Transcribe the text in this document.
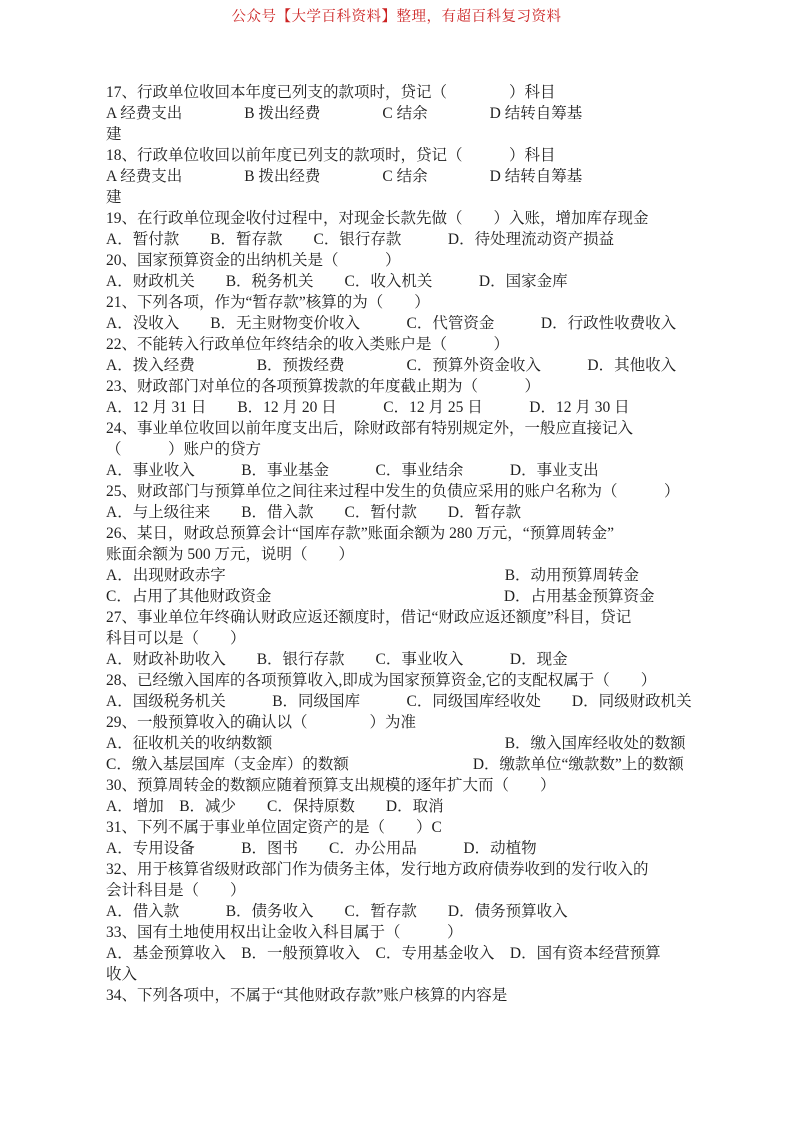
公众号【大学百科资料】整理，有超百科复习资料
17、行政单位收回本年度已列支的款项时，贷记（　　　　）科目
A 经费支出　　　　B 拨出经费　　　　C 结余　　　　D 结转自筹基
建
18、行政单位收回以前年度已列支的款项时，贷记（　　　）科目
A 经费支出　　　　B 拨出经费　　　　C 结余　　　　D 结转自筹基
建
19、在行政单位现金收付过程中，对现金长款先做（　　）入账，增加库存现金
A．暂付款　　B．暂存款　　C．银行存款　　　D．待处理流动资产损益
20、国家预算资金的出纳机关是（　　　）
A．财政机关　　B．税务机关　　C．收入机关　　　D．国家金库
21、下列各项，作为“暂存款”核算的为（　　）
A．没收入　　B．无主财物变价收入　　　C．代管资金　　　D．行政性收费收入
22、不能转入行政单位年终结余的收入类账户是（　　　）
A．拨入经费　　　　B．预拨经费　　　　C．预算外资金收入　　　D．其他收入
23、财政部门对单位的各项预算拨款的年度截止期为（　　　）
A．12 月 31 日　　B．12 月 20 日　　　C．12 月 25 日　　　D．12 月 30 日
24、事业单位收回以前年度支出后，除财政部有特别规定外，一般应直接记入
（　　　）账户的贷方
A．事业收入　　　B．事业基金　　　C．事业结余　　　D．事业支出
25、财政部门与预算单位之间往来过程中发生的负债应采用的账户名称为（　　　）
A．与上级往来　　B．借入款　　C．暂付款　　D．暂存款
26、某日，财政总预算会计“国库存款”账面余额为 280 万元，“预算周转金”
账面余额为 500 万元，说明（　　）
A．出现财政赤字　　　　　　　　　　　　　　　　　　B．动用预算周转金
C．占用了其他财政资金　　　　　　　　　　　　　　　D．占用基金预算资金
27、事业单位年终确认财政应返还额度时，借记“财政应返还额度”科目，贷记
科目可以是（　　）
A．财政补助收入　　B．银行存款　　C．事业收入　　　D．现金
28、已经缴入国库的各项预算收入,即成为国家预算资金,它的支配权属于（　　）
A．国级税务机关　　　B．同级国库　　　C．同级国库经收处　　D．同级财政机关
29、一般预算收入的确认以（　　　　）为准
A．征收机关的收纳数额　　　　　　　　　　　　　　　B．缴入国库经收处的数额
C．缴入基层国库（支金库）的数额　　　　　　　　D．缴款单位“缴款数”上的数额
30、预算周转金的数额应随着预算支出规模的逐年扩大而（　　）
A．增加　B．减少　　C．保持原数　　D．取消
31、下列不属于事业单位固定资产的是（　　）C
A．专用设备　　　B．图书　　C．办公用品　　　D．动植物
32、用于核算省级财政部门作为债务主体，发行地方政府债券收到的发行收入的
会计科目是（　　）
A．借入款　　　B．债务收入　　C．暂存款　　D．债务预算收入
33、国有土地使用权出让金收入科目属于（　　　）
A．基金预算收入　B．一般预算收入　C．专用基金收入　D．国有资本经营预算
收入
34、下列各项中，不属于“其他财政存款”账户核算的内容是
